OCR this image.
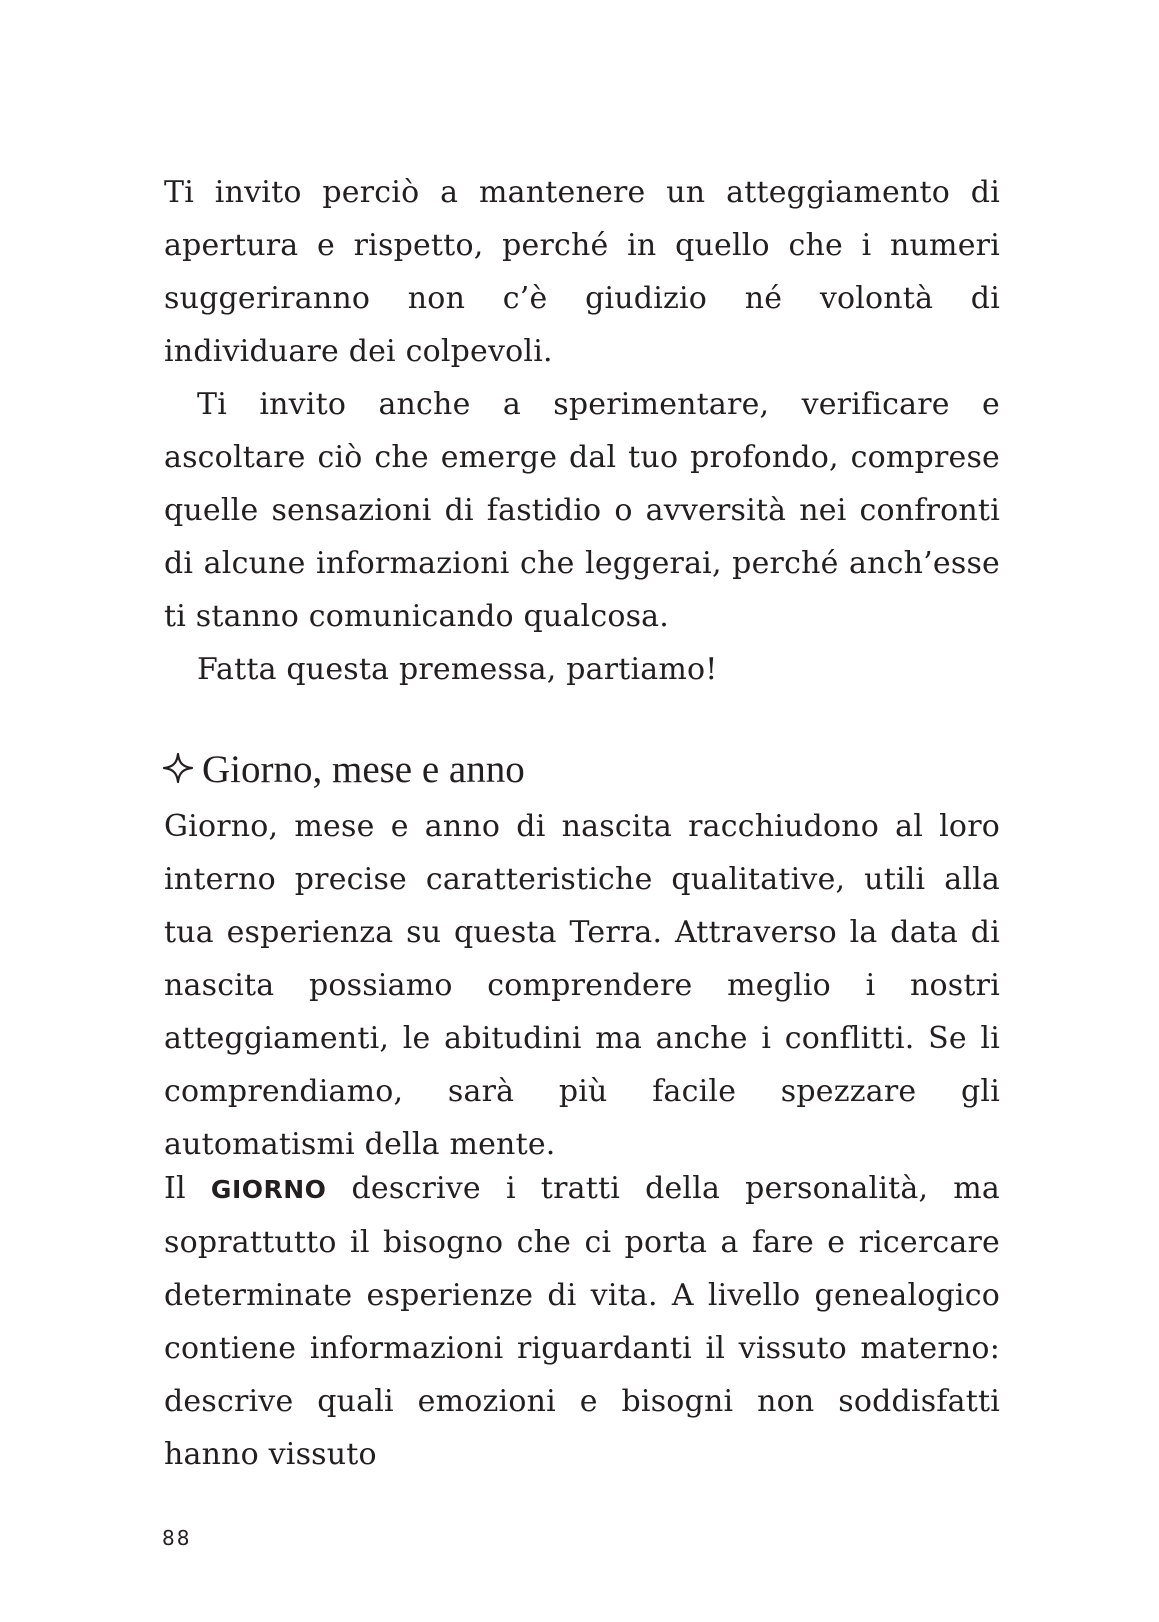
Ti invito perciò a mantenere un atteggiamento di apertura e rispetto, perché in quello che i numeri suggeriranno non c’è giudizio né volontà di individuare dei colpevoli.

Ti invito anche a sperimentare, verificare e ascoltare ciò che emerge dal tuo profondo, comprese quelle sensazioni di fastidio o avversità nei confronti di alcune informazioni che leggerai, perché anch’esse ti stanno comunicando qualcosa.

Fatta questa premessa, partiamo!

Giorno, mese e anno

Giorno, mese e anno di nascita racchiudono al loro interno precise caratteristiche qualitative, utili alla tua esperienza su questa Terra. Attraverso la data di nascita possiamo comprendere meglio i nostri atteggiamenti, le abitudini ma anche i conflitti. Se li comprendiamo, sarà più facile spezzare gli automatismi della mente.

Il GIORNO descrive i tratti della personalità, ma soprattutto il bisogno che ci porta a fare e ricercare determinate esperienze di vita. A livello genealogico contiene informazioni riguardanti il vissuto materno: descrive quali emozioni e bisogni non soddisfatti hanno vissuto

88
